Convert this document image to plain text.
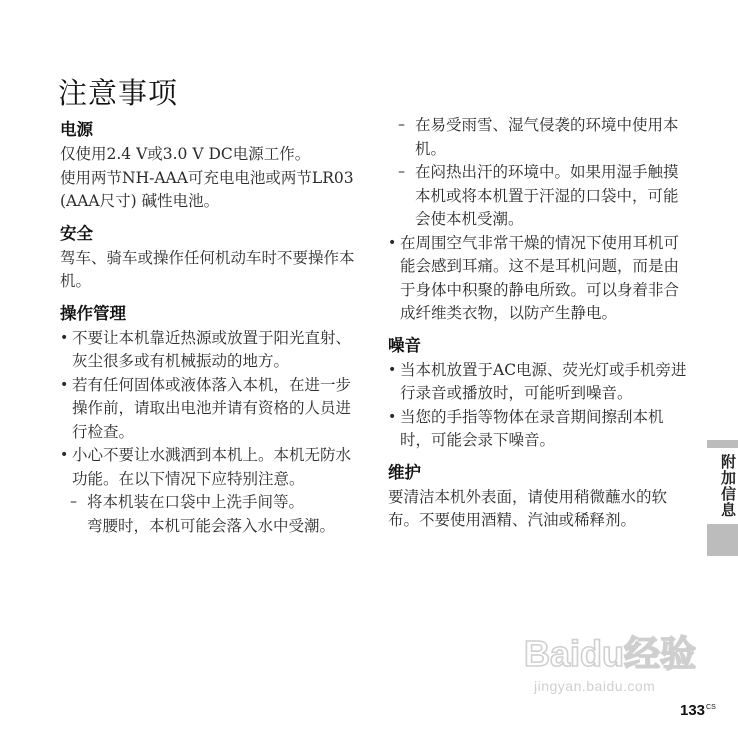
注意事项
电源

仅使用2.4 V或3.0 V DC电源工作。

使用两节NH-AAA可充电电池或两节LR03 (AAA尺寸) 碱性电池。

安全

驾车、骑车或操作任何机动车时不要操作本机。

操作管理

• 不要让本机靠近热源或放置于阳光直射、灰尘很多或有机械振动的地方。

• 若有任何固体或液体落入本机，在进一步操作前，请取出电池并请有资格的人员进行检查。

• 小心不要让水溅洒到本机上。本机无防水功能。在以下情况下应特别注意。

– 将本机装在口袋中上洗手间等。

弯腰时，本机可能会落入水中受潮。

– 在易受雨雪、湿气侵袭的环境中使用本机。

– 在闷热出汗的环境中。如果用湿手触摸本机或将本机置于汗湿的口袋中，可能会使本机受潮。

• 在周围空气非常干燥的情况下使用耳机可能会感到耳痛。这不是耳机问题，而是由于身体中积聚的静电所致。可以身着非合成纤维类衣物，以防产生静电。

噪音

• 当本机放置于AC电源、荧光灯或手机旁进行录音或播放时，可能听到噪音。

• 当您的手指等物体在录音期间擦刮本机时，可能会录下噪音。

维护

要清洁本机外表面，请使用稍微蘸水的软布。不要使用酒精、汽油或稀释剂。

附加信息
Baidu经验
jingyan.baidu.com
$133^{CS}$
